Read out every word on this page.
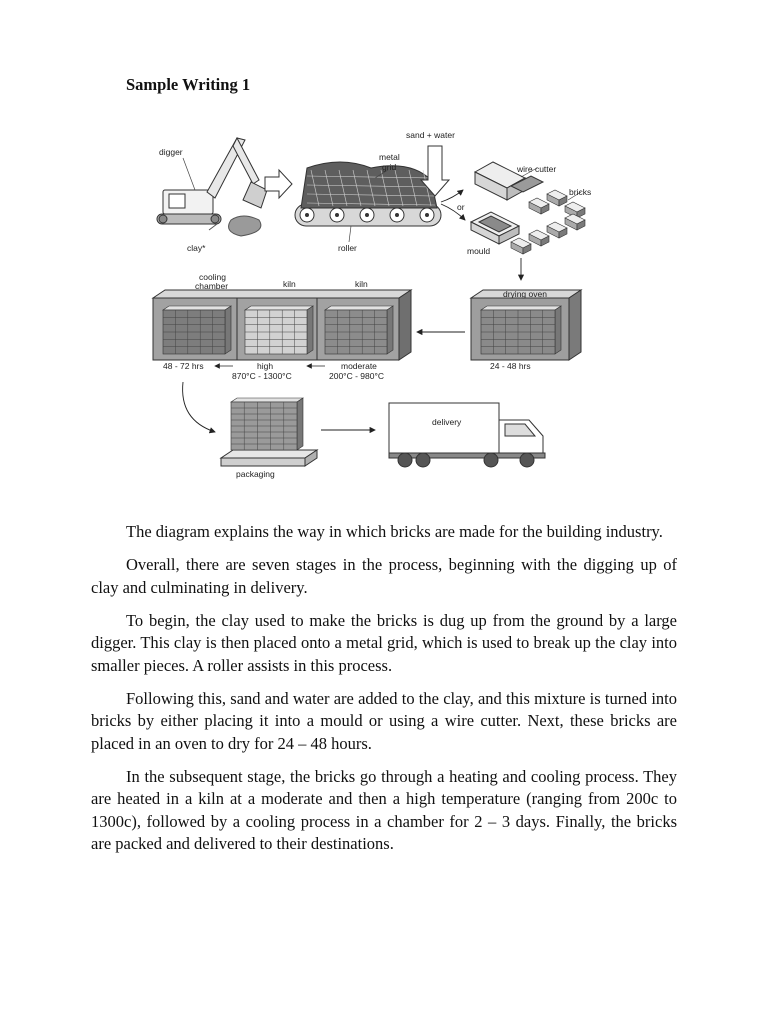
Sample Writing 1
digger
clay*
metal
grid
roller
sand + water
or
wire cutter
bricks
mould
drying oven
24 - 48 hrs
cooling
chamber	kiln	kiln
48 - 72 hrs	high
870°C - 1300°C
moderate
200°C - 980°C
packaging
delivery

The diagram explains the way in which bricks are made for the building industry.

Overall, there are seven stages in the process, beginning with the digging up of clay and culminating in delivery.

To begin, the clay used to make the bricks is dug up from the ground by a large digger. This clay is then placed onto a metal grid, which is used to break up the clay into smaller pieces. A roller assists in this process.

Following this, sand and water are added to the clay, and this mixture is turned into bricks by either placing it into a mould or using a wire cutter. Next, these bricks are placed in an oven to dry for 24 – 48 hours.

In the subsequent stage, the bricks go through a heating and cooling process. They are heated in a kiln at a moderate and then a high temperature (ranging from 200c to 1300c), followed by a cooling process in a chamber for 2 – 3 days. Finally, the bricks are packed and delivered to their destinations.
